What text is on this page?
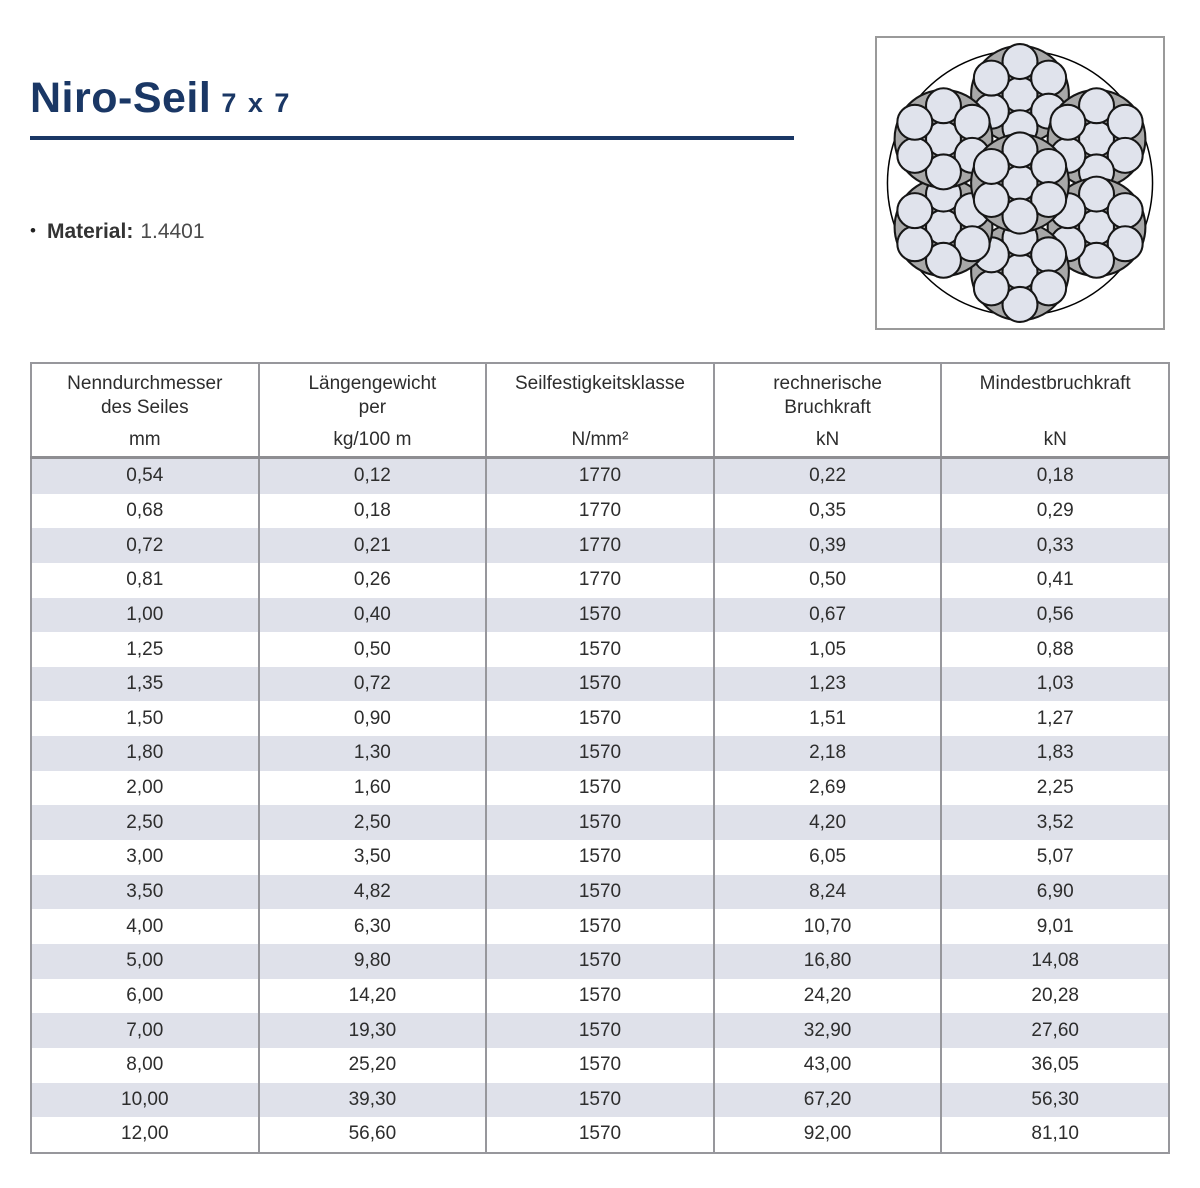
Niro-Seil 7 x 7

• Material: 1.4401

Nenndurchmesser
des Seiles
mm

Längengewicht
per
kg/100 m

Seilfestigkeitsklasse
N/mm²

rechnerische
Bruchkraft
kN

Mindestbruchkraft
kN

0,54	0,12	1770	0,22	0,18
0,68	0,18	1770	0,35	0,29
0,72	0,21	1770	0,39	0,33
0,81	0,26	1770	0,50	0,41
1,00	0,40	1570	0,67	0,56
1,25	0,50	1570	1,05	0,88
1,35	0,72	1570	1,23	1,03
1,50	0,90	1570	1,51	1,27
1,80	1,30	1570	2,18	1,83
2,00	1,60	1570	2,69	2,25
2,50	2,50	1570	4,20	3,52
3,00	3,50	1570	6,05	5,07
3,50	4,82	1570	8,24	6,90
4,00	6,30	1570	10,70	9,01
5,00	9,80	1570	16,80	14,08
6,00	14,20	1570	24,20	20,28
7,00	19,30	1570	32,90	27,60
8,00	25,20	1570	43,00	36,05
10,00	39,30	1570	67,20	56,30
12,00	56,60	1570	92,00	81,10
